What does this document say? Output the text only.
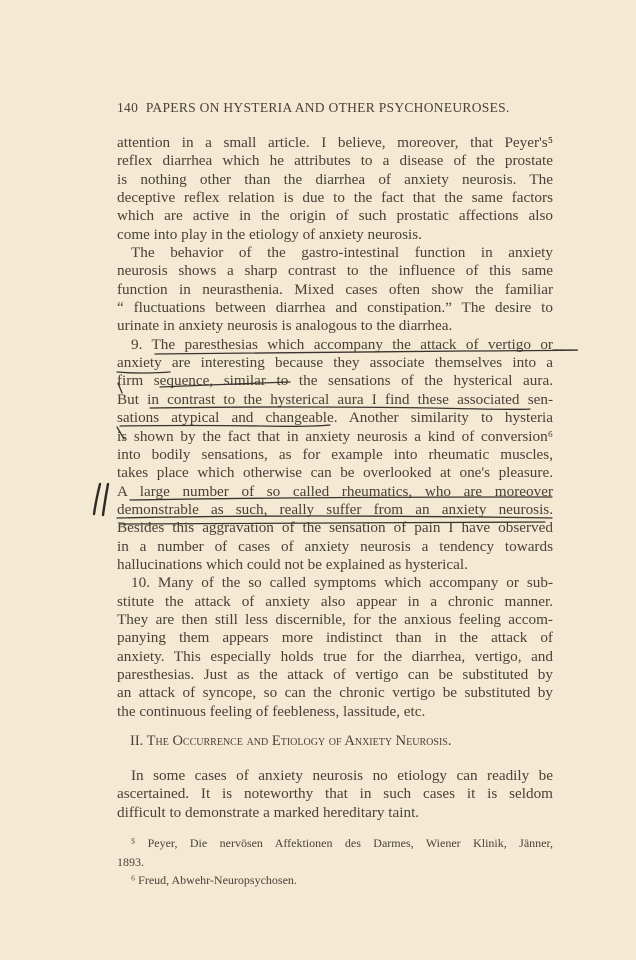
140 PAPERS ON HYSTERIA AND OTHER PSYCHONEUROSES.
attention in a small article. I believe, moreover, that Peyer's⁵
reflex diarrhea which he attributes to a disease of the prostate
is nothing other than the diarrhea of anxiety neurosis. The
deceptive reflex relation is due to the fact that the same factors
which are active in the origin of such prostatic affections also
come into play in the etiology of anxiety neurosis.
The behavior of the gastro-intestinal function in anxiety
neurosis shows a sharp contrast to the influence of this same
function in neurasthenia. Mixed cases often show the familiar
“ fluctuations between diarrhea and constipation.” The desire to
urinate in anxiety neurosis is analogous to the diarrhea.
9. The paresthesias which accompany the attack of vertigo or
anxiety are interesting because they associate themselves into a
firm sequence, similar to the sensations of the hysterical aura.
But in contrast to the hysterical aura I find these associated sen-
sations atypical and changeable. Another similarity to hysteria
is shown by the fact that in anxiety neurosis a kind of conversion⁶
into bodily sensations, as for example into rheumatic muscles,
takes place which otherwise can be overlooked at one's pleasure.
A large number of so called rheumatics, who are moreover
demonstrable as such, really suffer from an anxiety neurosis.
Besides this aggravation of the sensation of pain I have observed
in a number of cases of anxiety neurosis a tendency towards
hallucinations which could not be explained as hysterical.
10. Many of the so called symptoms which accompany or sub-
stitute the attack of anxiety also appear in a chronic manner.
They are then still less discernible, for the anxious feeling accom-
panying them appears more indistinct than in the attack of
anxiety. This especially holds true for the diarrhea, vertigo, and
paresthesias. Just as the attack of vertigo can be substituted by
an attack of syncope, so can the chronic vertigo be substituted by
the continuous feeling of feebleness, lassitude, etc.
II. The Occurrence and Etiology of Anxiety Neurosis.
In some cases of anxiety neurosis no etiology can readily be
ascertained. It is noteworthy that in such cases it is seldom
difficult to demonstrate a marked hereditary taint.
⁵ Peyer, Die nervösen Affektionen des Darmes, Wiener Klinik, Jänner,
1893.
⁶ Freud, Abwehr-Neuropsychosen.
